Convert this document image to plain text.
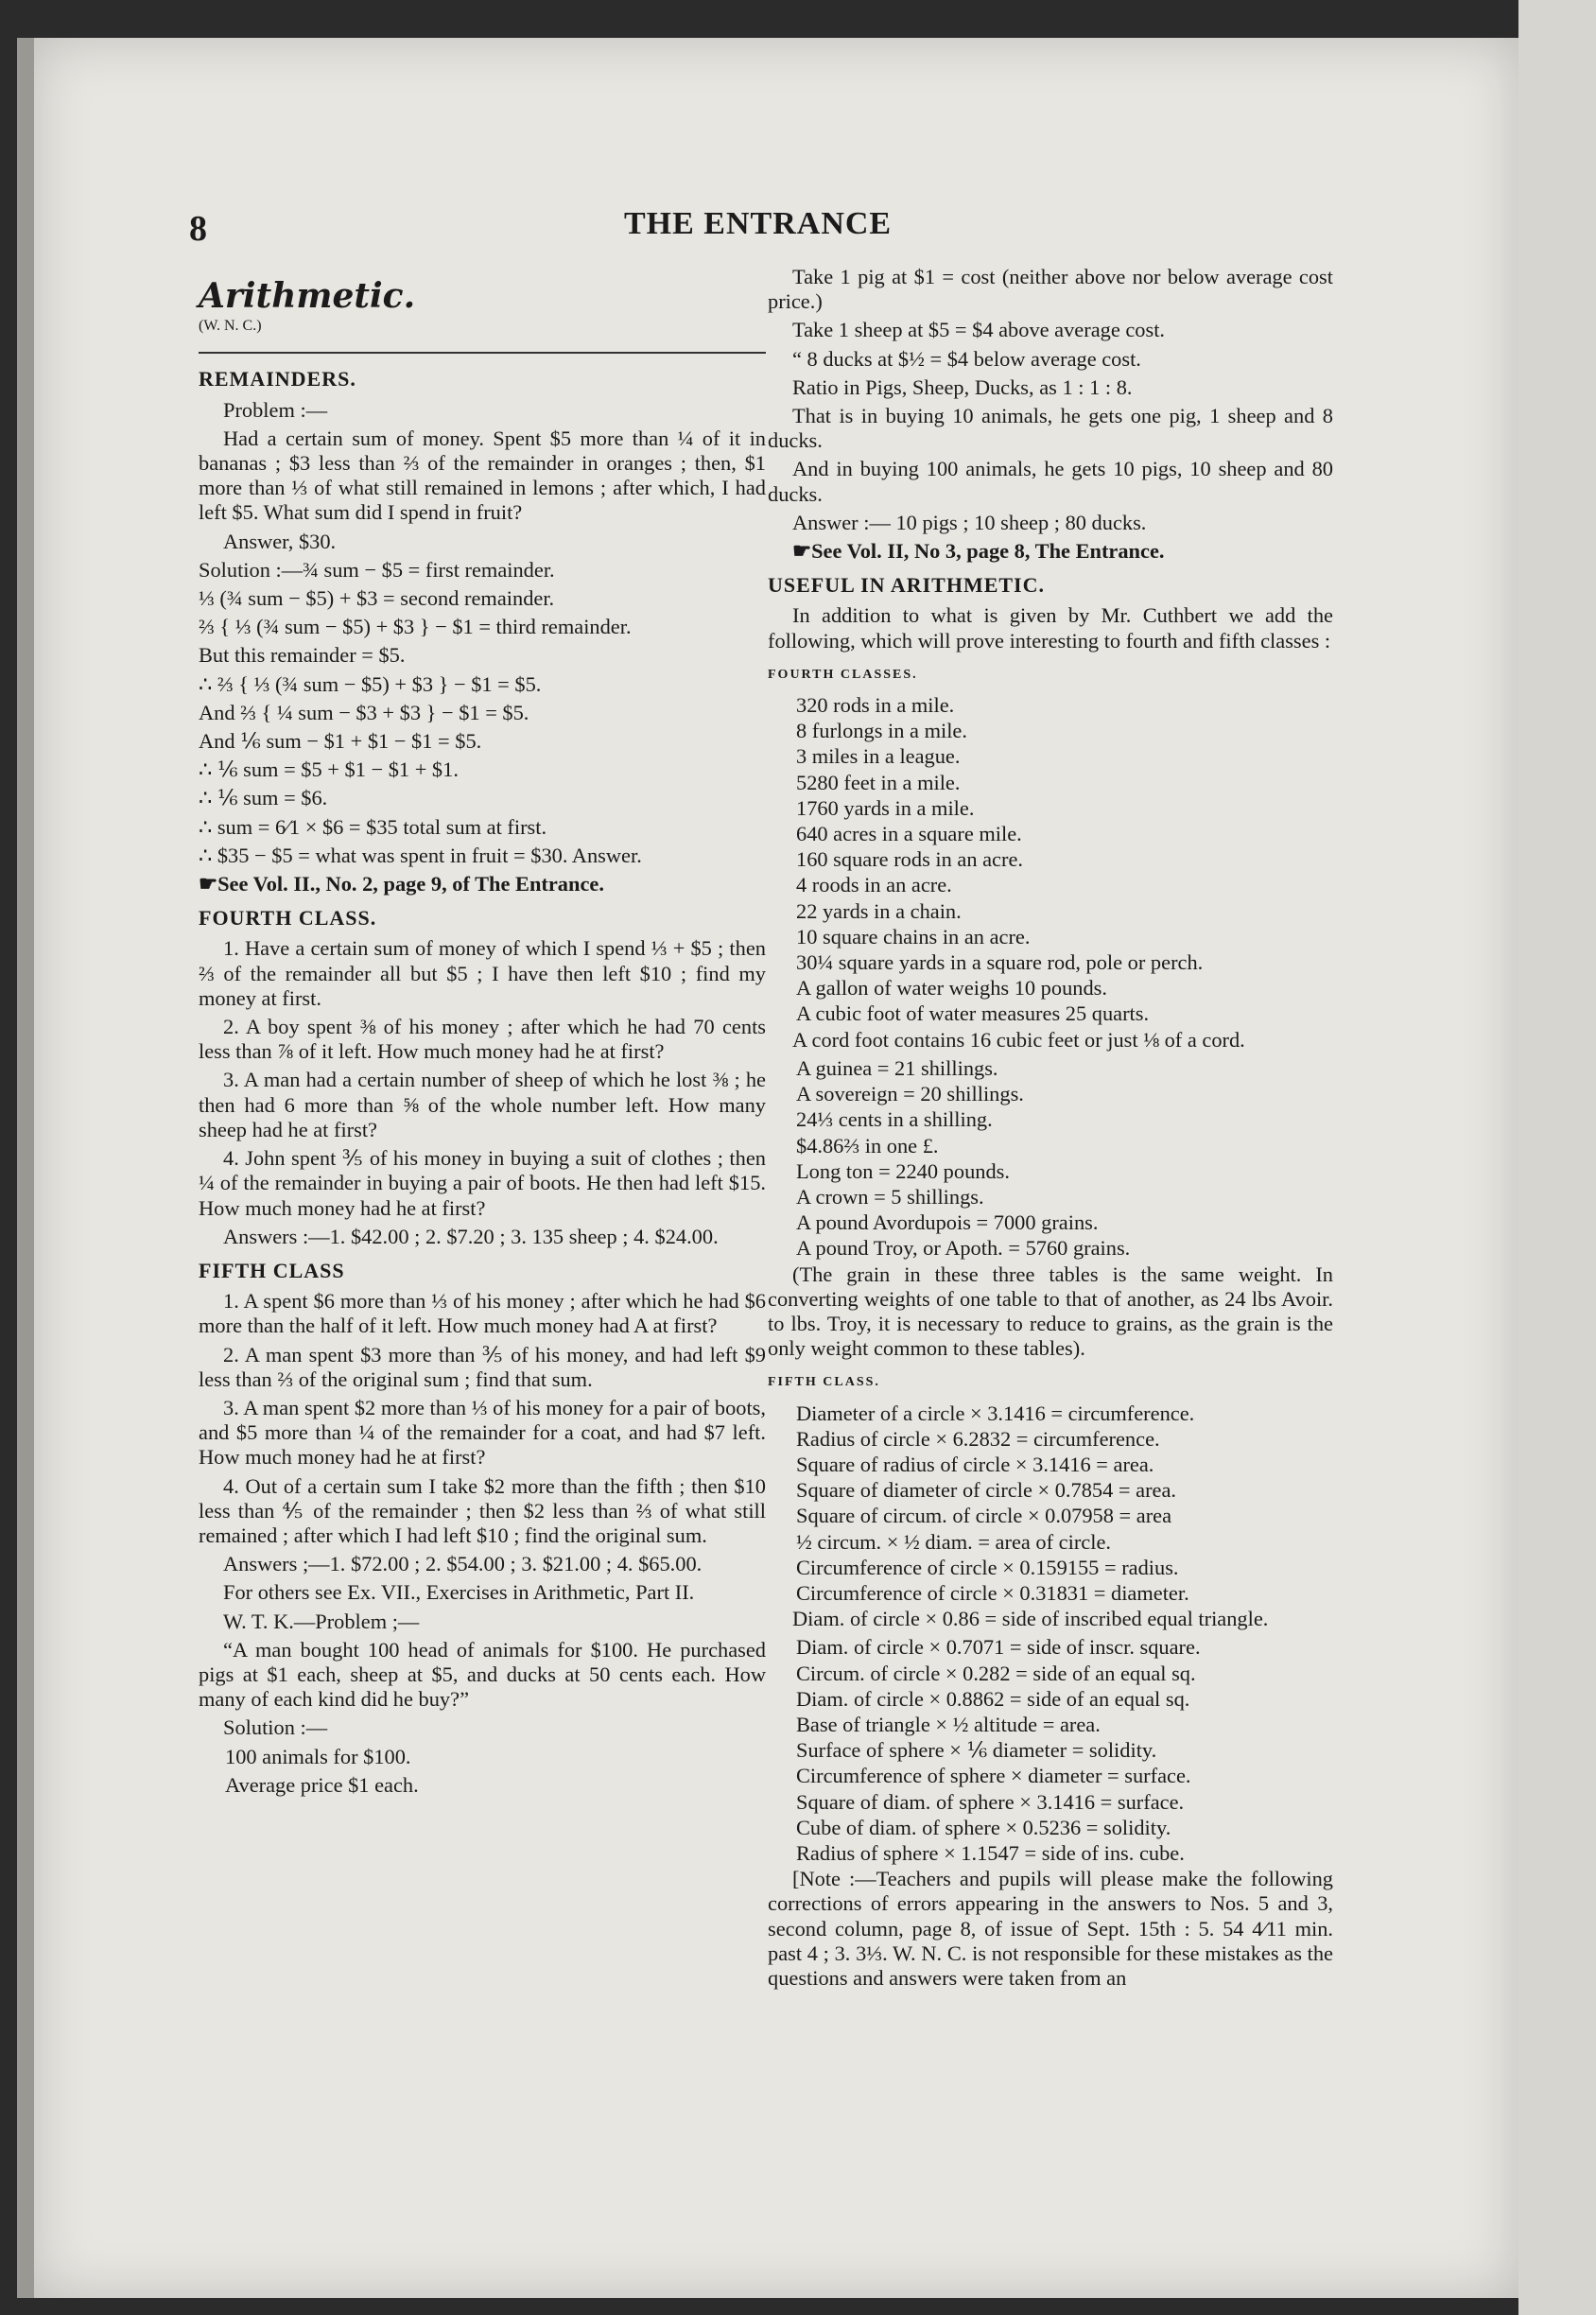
8	THE ENTRANCE

Arithmetic.

(W. N. C.)

REMAINDERS.

Problem :—

Had a certain sum of money. Spent $5 more than ¼ of it in bananas ; $3 less than ⅔ of the remainder in oranges ; then, $1 more than ⅓ of what still remained in lemons ; after which, I had left $5. What sum did I spend in fruit?

Answer, $30.

Solution :—¾ sum − $5 = first remainder.

⅓ (¾ sum − $5) + $3 = second remainder.

⅔ { ⅓ (¾ sum − $5) + $3 } − $1 = third remainder.

But this remainder = $5.

∴ ⅔ { ⅓ (¾ sum − $5) + $3 } − $1 = $5.

And ⅔ { ¼ sum − $3 + $3 } − $1 = $5.

And ⅙ sum − $1 + $1 − $1 = $5.

∴ ⅙ sum = $5 + $1 − $1 + $1.

∴ ⅙ sum = $6.

∴ sum = 6⁄1 × $6 = $35 total sum at first.

∴ $35 − $5 = what was spent in fruit = $30. Answer.

☛See Vol. II., No. 2, page 9, of The Entrance.

FOURTH CLASS.

1. Have a certain sum of money of which I spend ⅓ + $5 ; then ⅔ of the remainder all but $5 ; I have then left $10 ; find my money at first.

2. A boy spent ⅜ of his money ; after which he had 70 cents less than ⅞ of it left. How much money had he at first?

3. A man had a certain number of sheep of which he lost ⅜ ; he then had 6 more than ⅝ of the whole number left. How many sheep had he at first?

4. John spent ⅗ of his money in buying a suit of clothes ; then ¼ of the remainder in buying a pair of boots. He then had left $15. How much money had he at first?

Answers :—1. $42.00 ; 2. $7.20 ; 3. 135 sheep ; 4. $24.00.

FIFTH CLASS

1. A spent $6 more than ⅓ of his money ; after which he had $6 more than the half of it left. How much money had A at first?

2. A man spent $3 more than ⅗ of his money, and had left $9 less than ⅔ of the original sum ; find that sum.

3. A man spent $2 more than ⅓ of his money for a pair of boots, and $5 more than ¼ of the remainder for a coat, and had $7 left. How much money had he at first?

4. Out of a certain sum I take $2 more than the fifth ; then $10 less than ⅘ of the remainder ; then $2 less than ⅔ of what still remained ; after which I had left $10 ; find the original sum.

Answers ;—1. $72.00 ; 2. $54.00 ; 3. $21.00 ; 4. $65.00.

For others see Ex. VII., Exercises in Arithmetic, Part II.

W. T. K.—Problem ;—

“A man bought 100 head of animals for $100. He purchased pigs at $1 each, sheep at $5, and ducks at 50 cents each. How many of each kind did he buy?”

Solution :—

100 animals for $100.

Average price $1 each.

Take 1 pig at $1 = cost (neither above nor below average cost price.)

Take 1 sheep at $5 = $4 above average cost.

“ 8 ducks at $½ = $4 below average cost.

Ratio in Pigs, Sheep, Ducks, as 1 : 1 : 8.

That is in buying 10 animals, he gets one pig, 1 sheep and 8 ducks.

And in buying 100 animals, he gets 10 pigs, 10 sheep and 80 ducks.

Answer :— 10 pigs ; 10 sheep ; 80 ducks.

☛See Vol. II, No 3, page 8, The Entrance.

USEFUL IN ARITHMETIC.

In addition to what is given by Mr. Cuthbert we add the following, which will prove interesting to fourth and fifth classes :

FOURTH CLASSES.

320 rods in a mile.

8 furlongs in a mile.

3 miles in a league.

5280 feet in a mile.

1760 yards in a mile.

640 acres in a square mile.

160 square rods in an acre.

4 roods in an acre.

22 yards in a chain.

10 square chains in an acre.

30¼ square yards in a square rod, pole or perch.

A gallon of water weighs 10 pounds.

A cubic foot of water measures 25 quarts.

A cord foot contains 16 cubic feet or just ⅛ of a cord.

A guinea = 21 shillings.

A sovereign = 20 shillings.

24⅓ cents in a shilling.

$4.86⅔ in one £.

Long ton = 2240 pounds.

A crown = 5 shillings.

A pound Avordupois = 7000 grains.

A pound Troy, or Apoth. = 5760 grains.

(The grain in these three tables is the same weight. In converting weights of one table to that of another, as 24 lbs Avoir. to lbs. Troy, it is necessary to reduce to grains, as the grain is the only weight common to these tables).

FIFTH CLASS.

Diameter of a circle × 3.1416 = circumference.

Radius of circle × 6.2832 = circumference.

Square of radius of circle × 3.1416 = area.

Square of diameter of circle × 0.7854 = area.

Square of circum. of circle × 0.07958 = area

½ circum. × ½ diam. = area of circle.

Circumference of circle × 0.159155 = radius.

Circumference of circle × 0.31831 = diameter.

Diam. of circle × 0.86 = side of inscribed equal triangle.

Diam. of circle × 0.7071 = side of inscr. square.

Circum. of circle × 0.282 = side of an equal sq.

Diam. of circle × 0.8862 = side of an equal sq.

Base of triangle × ½ altitude = area.

Surface of sphere × ⅙ diameter = solidity.

Circumference of sphere × diameter = surface.

Square of diam. of sphere × 3.1416 = surface.

Cube of diam. of sphere × 0.5236 = solidity.

Radius of sphere × 1.1547 = side of ins. cube.

[Note :—Teachers and pupils will please make the following corrections of errors appearing in the answers to Nos. 5 and 3, second column, page 8, of issue of Sept. 15th : 5. 54 4⁄11 min. past 4 ; 3. 3⅓. W. N. C. is not responsible for these mistakes as the questions and answers were taken from an
